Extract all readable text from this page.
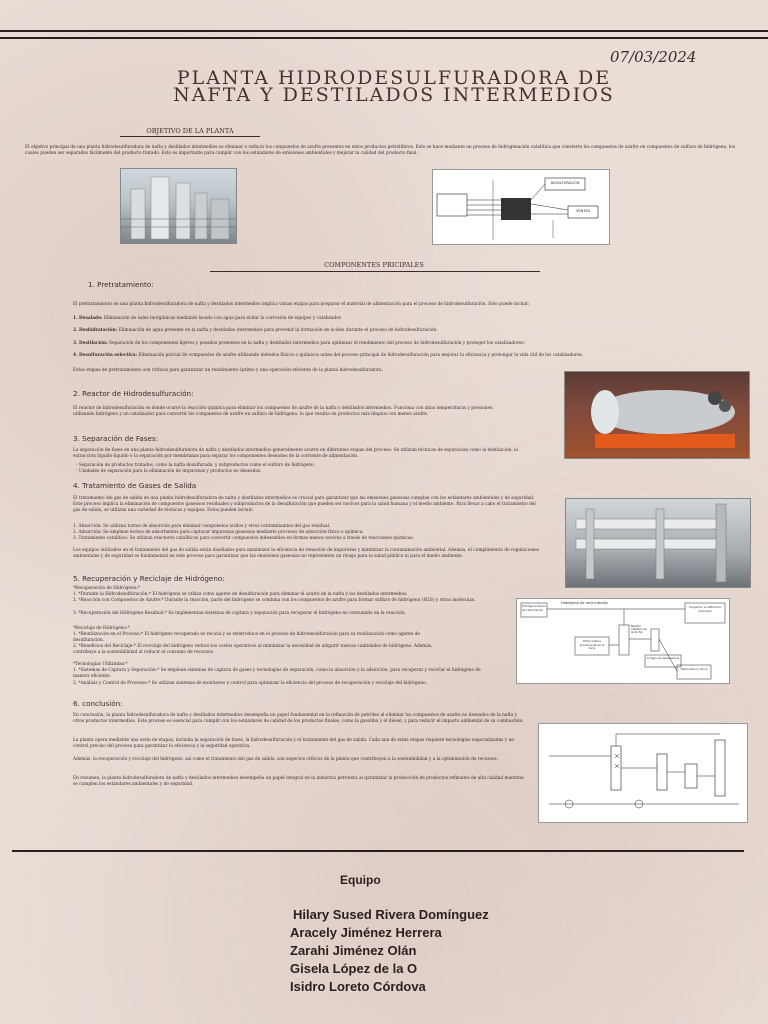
07/03/2024
PLANTA HIDRODESULFURADORA DE
NAFTA Y DESTILADOS INTERMEDIOS
OBJETIVO DE LA PLANTA
El objetivo principal de una planta hidrodesulfuradora de nafta y destilados intermedios es eliminar o reducir los compuestos de azufre presentes en estos productos petrolíferos. Esto se hace mediante un proceso de hidrogenación catalítica que convierte los compuestos de azufre en compuestos de sulfuro de hidrógeno, los cuales pueden ser separados fácilmente del producto tratado. Esto es importante para cumplir con los estándares de emisiones ambientales y mejorar la calidad del producto final.
DESULFURACIÓN
VENTAS
COMPONENTES PRICIPALES
1. Pretratamiento:
El pretratamiento en una planta hidrodesulfuradora de nafta y destilados intermedios implica varias etapas para preparar el material de alimentación para el proceso de hidrodesulfuración. Esto puede incluir:
1. Desalado: Eliminación de sales inorgánicas mediante lavado con agua para evitar la corrosión de equipos y catalizador.
2. Deshidratación: Eliminación de agua presente en la nafta y destilados intermedios para prevenir la formación de ácidos durante el proceso de hidrodesulfuración.
3. Destilación: Separación de los componentes ligeros y pesados presentes en la nafta y destilados intermedios para optimizar el rendimiento del proceso de hidrodesulfuración y proteger los catalizadores.
4. Desulfuración selectiva: Eliminación parcial de compuestos de azufre utilizando métodos físicos o químicos antes del proceso principal de hidrodesulfuración para mejorar la eficiencia y prolongar la vida útil de los catalizadores.
Estas etapas de pretratamiento son críticas para garantizar un rendimiento óptimo y una operación eficiente de la planta hidrodesulfuradora.
2. Reactor de Hidrodesulfuración:
El reactor de hidrodesulfuración es donde ocurre la reacción química para eliminar los compuestos de azufre de la nafta y destilados intermedios. Funciona con altas temperaturas y presiones, utilizando hidrógeno y un catalizador para convertir los compuestos de azufre en sulfuro de hidrógeno, lo que resulta en productos más limpios con menos azufre.
3. Separación de Fases:
La separación de fases en una planta hidrodesulfuradora de nafta y destilados intermedios generalmente ocurre en diferentes etapas del proceso. Se utilizan técnicas de separación como la destilación, la extracción líquido-líquido o la separación por membranas para separar los componentes deseados de la corriente de alimentación.
- Separación de productos tratados, como la nafta desulfurada, y subproductos como el sulfuro de hidrógeno.
- Unidades de separación para la eliminación de impurezas y productos no deseados.
4. Tratamiento de Gases de Salida
El tratamiento del gas de salida en una planta hidrodesulfuradora de nafta y destilados intermedios es crucial para garantizar que las emisiones gaseosas cumplan con los estándares ambientales y de seguridad. Este proceso implica la eliminación de compuestos gaseosos residuales y subproductos de la desulfuración que pueden ser nocivos para la salud humana y el medio ambiente. Para llevar a cabo el tratamiento del gas de salida, se utilizan una variedad de técnicas y equipos. Estos pueden incluir:
1. Absorción: Se utilizan torres de absorción para eliminar compuestos ácidos y otros contaminantes del gas residual.
2. Adsorción: Se emplean lechos de adsorbentes para capturar impurezas gaseosas mediante procesos de adsorción física o química.
3. Tratamiento catalítico: Se utilizan reactores catalíticos para convertir compuestos indeseables en formas menos nocivas a través de reacciones químicas.
Los equipos utilizados en el tratamiento del gas de salida están diseñados para maximizar la eficiencia de remoción de impurezas y minimizar la contaminación ambiental. Además, el cumplimiento de regulaciones ambientales y de seguridad es fundamental en este proceso para garantizar que las emisiones gaseosas no representen un riesgo para la salud pública ni para el medio ambiente.
5. Recuperación y Reciclaje de Hidrógeno:
*Recuperación de Hidrógeno:*
1. *Durante la Hidrodesulfuración:* El hidrógeno se utiliza como agente de desulfuración para eliminar el azufre de la nafta y los destilados intermedios.
2. *Reacción con Compuestos de Azufre:* Durante la reacción, parte del hidrógeno se combina con los compuestos de azufre para formar sulfuro de hidrógeno (H2S) y otras moléculas.
3. *Recuperación del Hidrógeno Residual:* Se implementan sistemas de captura y separación para recuperar el hidrógeno no consumido en la reacción.
*Reciclaje de Hidrógeno:*
1. *Reutilización en el Proceso:* El hidrógeno recuperado se recicla y se reintroduce en el proceso de hidrodesulfuración para su reutilización como agente de desulfuración.
2. *Beneficios del Reciclaje:* El reciclaje del hidrógeno reduce los costos operativos al minimizar la necesidad de adquirir nuevas cantidades de hidrógeno. Además, contribuye a la sostenibilidad al reducir el consumo de recursos.
*Tecnologías Utilizadas:*
1. *Sistemas de Captura y Separación:* Se emplean sistemas de captura de gases y tecnologías de separación, como la absorción y la adsorción, para recuperar y reciclar el hidrógeno de manera eficiente.
2. *Análisis y Control de Procesos:* Se utilizan sistemas de monitoreo y control para optimizar la eficiencia del proceso de recuperación y reciclaje del hidrógeno.
Hidrógeno de recirculación
Hidrógeno fresco de reformación
Purgación a sulfhidrica amoniaco
Hidrocarburo proveniente de la torre
Reactor catalítico de lecho fijo
Arreglo de separadores
Hidrocarburo dulce
6. conclusión:
En conclusión, la planta hidrodesulfuradora de nafta y destilados intermedios desempeña un papel fundamental en la refinación de petróleo al eliminar los compuestos de azufre no deseados de la nafta y otros productos intermedios. Este proceso es esencial para cumplir con los estándares de calidad de los productos finales, como la gasolina y el diésel, y para reducir el impacto ambiental de su combustión.
La planta opera mediante una serie de etapas, incluida la separación de fases, la hidrodesulfuración y el tratamiento del gas de salida. Cada una de estas etapas requiere tecnologías especializadas y un control preciso del proceso para garantizar la eficiencia y la seguridad operativa.
Además, la recuperación y reciclaje del hidrógeno, así como el tratamiento del gas de salida, son aspectos críticos de la planta que contribuyen a la sostenibilidad y a la optimización de recursos.
En resumen, la planta hidrodesulfuradora de nafta y destilados intermedios desempeña un papel integral en la industria petrolera al garantizar la producción de productos refinados de alta calidad mientras se cumplen los estándares ambientales y de seguridad.
Equipo
Hilary Sused Rivera Domínguez
Aracely Jiménez Herrera
Zarahi Jiménez Olán
Gisela López de la O
Isidro Loreto Córdova
